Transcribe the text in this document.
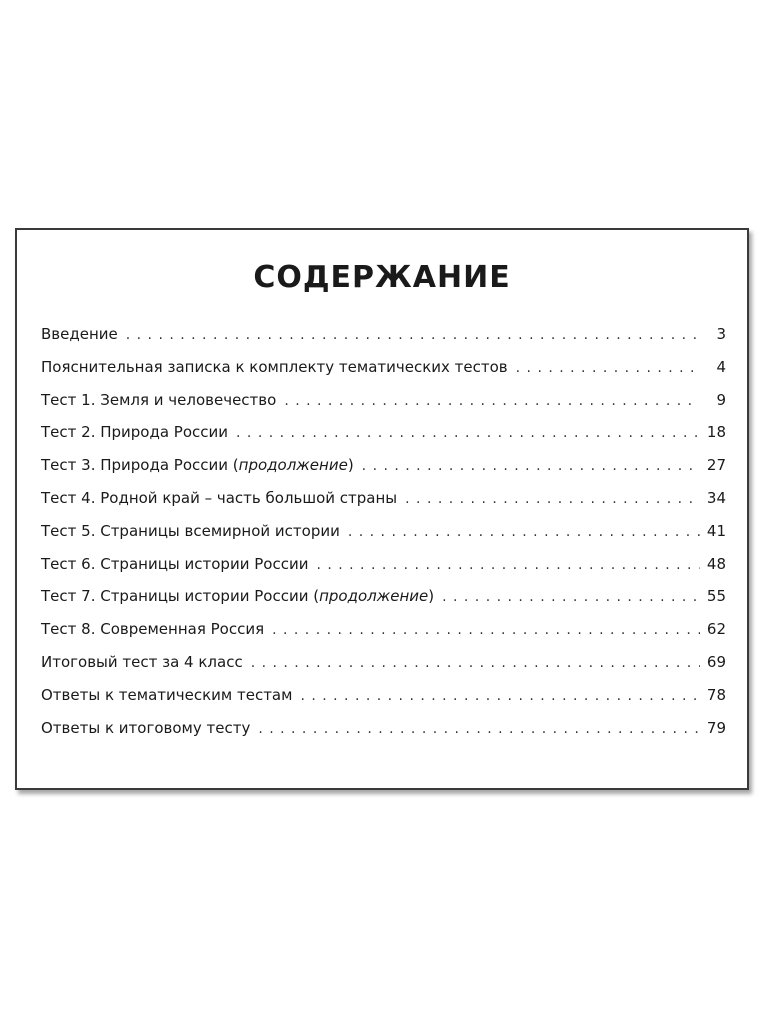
СОДЕРЖАНИЕ
Введение . . .	3
Пояснительная записка к комплекту тематических тестов . . .	4
Тест 1. Земля и человечество . . .	9
Тест 2. Природа России . . .	18
Тест 3. Природа России (продолжение) . . .	27
Тест 4. Родной край – часть большой страны . . .	34
Тест 5. Страницы всемирной истории . . .	41
Тест 6. Страницы истории России . . .	48
Тест 7. Страницы истории России (продолжение) . . .	55
Тест 8. Современная Россия . . .	62
Итоговый тест за 4 класс . . .	69
Ответы к тематическим тестам . . .	78
Ответы к итоговому тесту . . .	79
